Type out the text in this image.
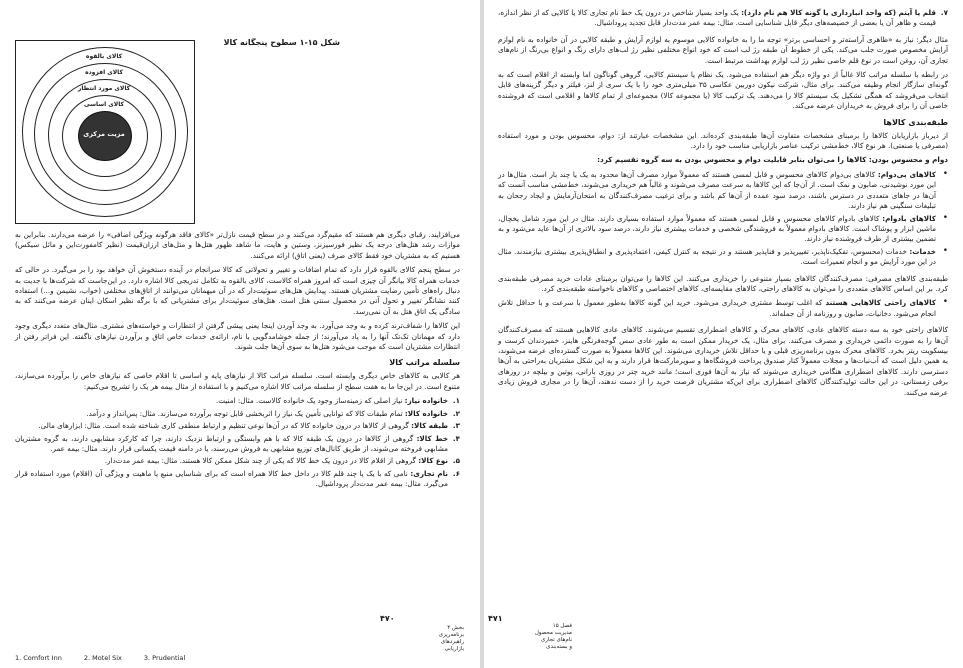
شکل ۱۵-۱ سطوح پنجگانه کالا
کالای بالقوه
کالای افزوده
کالای مورد انتظار
کالای اساسی
مزیت مرکزی

می‌افزایند. رقبای دیگری هم هستند که مقیم‌گرد می‌کنند و در سطح قیمت نازل‌تر «کالای فاقد هرگونه ویژگی اضافی» را عرضه می‌دارند. بنابراین به موازات رشد هتل‌های درجه یک نظیر فورسیزنز، وستین و هایت، ما شاهد ظهور هتل‌ها و متل‌های ارزان‌قیمت (نظیر کامفورت‌این و مائل سیکس) هستیم که به مشتریان خود فقط کالای صرف (یعنی اتاق) ارائه می‌کنند.

در سطح پنجم کالای بالقوه قرار دارد که تمام اضافات و تغییر و تحولاتی که کالا سرانجام در آینده دستخوش آن خواهد بود را بر می‌گیرد. در حالی که خدمات همراه کالا بیانگر آن چیزی است که امروز همراه کالاست، کالای بالقوه به تکامل تدریجی کالا اشاره دارد. در این‌جاست که شرکت‌ها با جدیت به دنبال راه‌های تأمین رضایت مشتریان هستند. پیدایش هتل‌های سوئیت‌دار که در آن میهمانان می‌توانند از اتاق‌های مختلفی (خواب، نشیمن و...) استفاده کنند نشانگر تغییر و تحول آتی در محصول سنتی هتل است. هتل‌های سوئیت‌دار برای مشتریانی که با برگه نظیر اسکان اینان عرضه می‌کنند که به سادگی یک اتاق هتل به آن نمی‌رسد.

این کالاها را شفاف‌ترند کرده و به وجد می‌آورد. به وجد آوردن اینجا یعنی پیشی گرفتن از انتظارات و خواسته‌های مشتری. مثال‌های متعدد دیگری وجود دارد که مهمانان تک‌تک آنها را به یاد می‌آورند؛ از جمله خوشامدگویی با نام، ارائه‌ی خدمات خاص اتاق و برآوردن نیازهای ناگفته. این فراتر رفتن از انتظارات مشتریان است که موجب می‌شود هتل‌ها به سوی آن‌ها جلب شوند.

سلسله مراتب کالا

هر کالایی به کالاهای خاص دیگری وابسته است. سلسله مراتب کالا از نیازهای پایه و اساسی تا اقلام خاصی که نیازهای خاص را برآورده می‌سازند، متنوع است. در این‌جا ما به هفت سطح از سلسله مراتب کالا اشاره می‌کنیم و با استفاده از مثال بیمه هر یک را تشریح می‌کنیم:

۱.
خانواده نیاز: نیاز اصلی که زمینه‌ساز وجود یک خانواده کالاست. مثال: امنیت.
۲.
خانواده کالا: تمام طبقات کالا که توانایی تأمین یک نیاز را اثربخشی قابل توجه برآورده می‌سازند. مثال: پس‌انداز و درآمد.
۳.
طبقه کالا: گروهی از کالاها در درون خانواده کالا که در آن‌ها نوعی تنظیم و ارتباط منطقی کاری شناخته شده است. مثال: ابزارهای مالی.
۴.
خط کالا: گروهی از کالاها در درون یک طبقه کالا که با هم وابستگی و ارتباط نزدیک دارند، چرا که کارکرد مشابهی دارند، به گروه مشتریان مشابهی فروخته می‌شوند، از طریق کانال‌های توزیع مشابهی به فروش می‌رسند، یا در دامنه قیمت یکسانی قرار دارند. مثال: بیمه عمر.
۵.
نوع کالا: گروهی از اقلام کالا در درون یک خط کالا که یکی از چند شکل ممکن کالا هستند. مثال: بیمه عمر مدت‌دار.
۶.
نام تجاری: نامی که با یک یا چند قلم کالا در داخل خط کالا همراه است که برای شناسایی منبع یا ماهیت و ویژگی آن (اقلام) مورد استفاده قرار می‌گیرد. مثال: بیمه عمر مدت‌دار پروداشیال.
۴۷۰
بخش ۴
برنامه‌ریزی
راهبردهای
بازاریابی
1. Comfort Inn	2. Motel Six	3. Prudential
۷.
قلم یا آیتم (که واحد انبارداری یا گونه کالا هم نام دارد): یک واحد بسیار شاخص در درون یک خط نام تجاری کالا یا کالایی که از نظر اندازه، قیمت و ظاهر آن یا بعضی از خصیصه‌های دیگر قابل شناسایی است. مثال: بیمه عمر مدت‌دار قابل تجدید پروداشیال.

مثال دیگر: نیاز به «ظاهری آراسته‌تر و احساسی برتر» توجه ما را به خانواده کالایی موسوم به لوازم آرایش و طبقه کالایی در آن خانواده به نام لوازم آرایش مخصوص صورت جلب می‌کند. یکی از خطوط آن طبقه رژ لب است که خود انواع مختلفی نظیر رژ لب‌های دارای رنگ و انواع بی‌رنگ از نام‌های تجاری آن، روغن است در نوع قلم خاصی نظیر رژ لب لوازم بهداشت مرتبط است.

در رابطه با سلسله مراتب کالا غالباً از دو واژه دیگر هم استفاده می‌شود. یک نظام یا سیستم کالایی، گروهی گوناگون اما وابسته از اقلام است که به گونه‌ای سازگار انجام وظیفه می‌کنند. برای مثال، شرکت نیکون دوربین عکاسی ۳۵ میلی‌متری خود را با یک سری از لنز، فیلتر و دیگر گزینه‌های قابل انتخاب می‌فروشد که همگی تشکیل یک سیستم کالا را می‌دهند. یک ترکیب کالا (یا مجموعه کالا) مجموعه‌ای از تمام کالاها و اقلامی است که فروشنده خاصی آن را برای فروش به خریداران عرضه می‌کند.

طبقه‌بندی کالاها

از دیرباز بازاریابان کالاها را برمبنای مشخصات متفاوت آن‌ها طبقه‌بندی کرده‌اند. این مشخصات عبارتند از: دوام، محسوس بودن و مورد استفاده (مصرفی یا صنعتی). هر نوع کالا، خط‌مشی ترکیب عناصر بازاریابی مناسب خود را دارد.

دوام و محسوس بودن: کالاها را می‌توان بنابر قابلیت دوام و محسوس بودن به سه گروه تقسیم کرد:

• کالاهای بی‌دوام: کالاهای بی‌دوام کالاهای محسوس و قابل لمسی هستند که معمولاً موارد مصرف آن‌ها محدود به یک یا چند بار است. مثال‌ها در این مورد نوشیدنی، صابون و نمک است. از آن‌جا که این کالاها به سرعت مصرف می‌شوند و غالباً هم خریداری می‌شوند، خط‌مشی مناسب آنست که آن‌ها در جاهای متعددی در دسترس باشند، درصد سود عمده از آن‌ها کم باشد و برای ترغیب مصرف‌کنندگان به امتحان‌آزمایش و ایجاد رجحان به تبلیغات سنگینی هم نیاز دارند.
• کالاهای بادوام: کالاهای بادوام کالاهای محسوس و قابل لمسی هستند که معمولاً موارد استفاده بسیاری دارند. مثال در این مورد شامل یخچال، ماشین ابزار و پوشاک است. کالاهای بادوام معمولاً به فروشندگی شخصی و خدمات بیشتری نیاز دارند، درصد سود بالاتری از آن‌ها عاید می‌شود و به تضمین بیشتری از طرف فروشنده نیاز دارند.
• خدمات: خدمات (محسوس، تفکیک‌ناپذیر، تغییرپذیر و فناپذیر هستند و در نتیجه به کنترل کیفی، اعتمادپذیری و انطباق‌پذیری بیشتری نیازمندند. مثال در این مورد آرایش مو و انجام تعمیرات است.

طبقه‌بندی کالاهای مصرفی: مصرف‌کنندگان کالاهای بسیار متنوعی را خریداری می‌کنند. این کالاها را می‌توان برمبنای عادات خرید مصرفی طبقه‌بندی کرد. بر این اساس کالاهای متعددی را می‌توان به کالاهای راحتی، کالاهای مقایسه‌ای، کالاهای اختصاصی و کالاهای ناخواسته طبقه‌بندی کرد.

• کالاهای راحتی کالاهایی هستند که اغلب توسط مشتری خریداری می‌شود. خرید این گونه کالاها به‌طور معمول با سرعت و با حداقل تلاش انجام می‌شود. دخانیات، صابون و روزنامه از آن جمله‌اند.

کالاهای راحتی خود به سه دسته کالاهای عادی، کالاهای محرک و کالاهای اضطراری تقسیم می‌شوند. کالاهای عادی کالاهایی هستند که مصرف‌کنندگان آن‌ها را به صورت دائمی خریداری و مصرف می‌کنند. برای مثال، یک خریدار ممکن است به طور عادی سس گوجه‌فرنگی هاینز، خمیردندان کرست و بیسکویت ریتز بخرد. کالاهای محرک بدون برنامه‌ریزی قبلی و یا حداقل تلاش خریداری می‌شوند. این کالاها معمولاً به صورت گسترده‌ای عرضه می‌شوند، به همین دلیل است که آب‌نبات‌ها و مجلات معمولاً کنار صندوق پرداخت فروشگاه‌ها و سوپرمارکت‌ها قرار دارند و به این شکل مشتریان به‌راحتی به آن‌ها دسترسی دارند. کالاهای اضطراری هنگامی خریداری می‌شوند که نیاز به آن‌ها فوری است؛ مانند خرید چتر در روزی بارانی، پوتین و بیلچه در روزهای برفی زمستانی. در این حالت تولیدکنندگان کالاهای اضطراری برای این‌که مشتریان فرصت خرید را از دست ندهند، آن‌ها را در مجاری فروش زیادی عرضه می‌کنند.

۴۷۱
فصل ۱۵
مدیریت محصول
نام‌های تجاری
و بسته‌بندی
